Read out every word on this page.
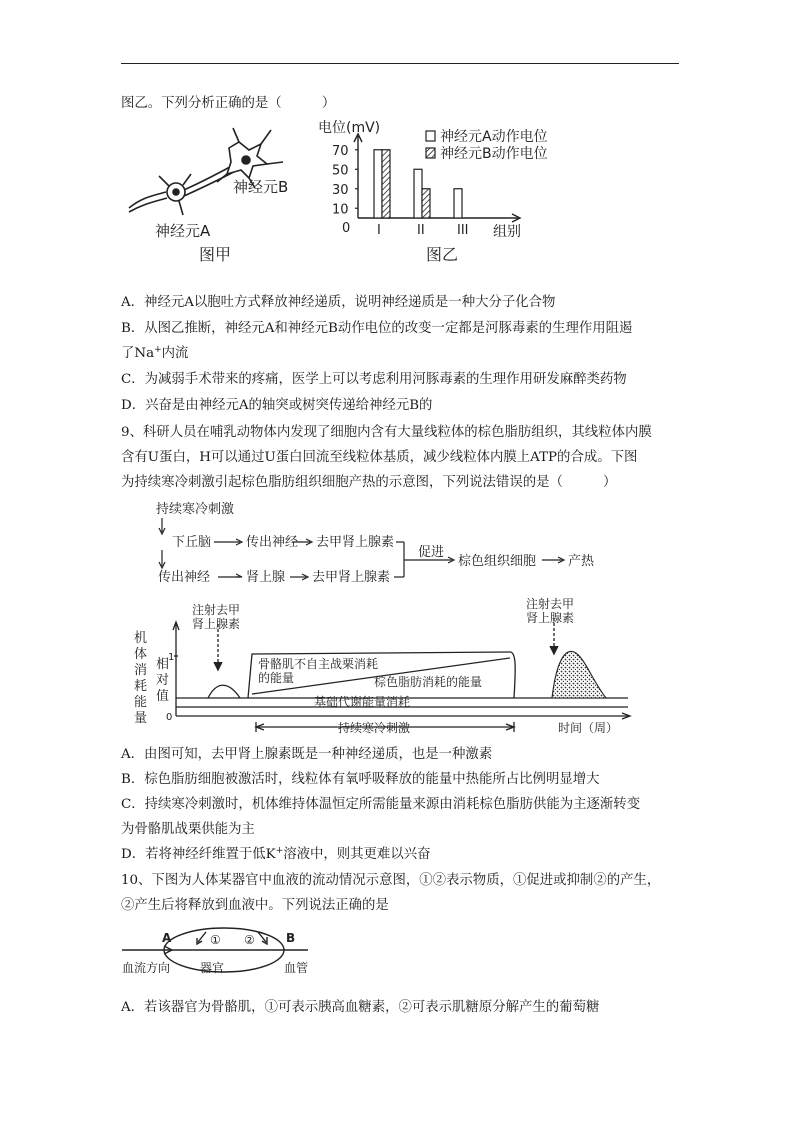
图乙。下列分析正确的是（　　　）
神经元A
神经元B
图甲
电位(mV)
0	组别
10
30
50
70
I	II III
神经元A动作电位
神经元B动作电位
图乙
A．神经元A以胞吐方式释放神经递质，说明神经递质是一种大分子化合物
B．从图乙推断，神经元A和神经元B动作电位的改变一定都是河豚毒素的生理作用阻遏
了Na+内流
C．为减弱手术带来的疼痛，医学上可以考虑利用河豚毒素的生理作用研发麻醉类药物
D．兴奋是由神经元A的轴突或树突传递给神经元B的
9、科研人员在哺乳动物体内发现了细胞内含有大量线粒体的棕色脂肪组织，其线粒体内膜
含有U蛋白，H可以通过U蛋白回流至线粒体基质，减少线粒体内膜上ATP的合成。下图
为持续寒冷刺激引起棕色脂肪组织细胞产热的示意图，下列说法错误的是（　　　）
持续寒冷刺激
下丘脑	传出神经 去甲肾上腺素
传出神经	肾上腺 去甲肾上腺素
促进
棕色组织细胞 产热
机
体
消
耗
能
量
相
对
值
1
0
注射去甲
肾上腺素
注射去甲
肾上腺素
骨骼肌不自主战栗消耗
的能量	棕色脂肪消耗的能量
基础代谢能量消耗
持续寒冷刺激	时间（周）
A．由图可知，去甲肾上腺素既是一种神经递质，也是一种激素
B．棕色脂肪细胞被激活时，线粒体有氧呼吸释放的能量中热能所占比例明显增大
C．持续寒冷刺激时，机体维持体温恒定所需能量来源由消耗棕色脂肪供能为主逐渐转变
为骨骼肌战栗供能为主
D．若将神经纤维置于低K+溶液中，则其更难以兴奋
10、下图为人体某器官中血液的流动情况示意图，①②表示物质，①促进或抑制②的产生，
②产生后将释放到血液中。下列说法正确的是
A	B
① ②
血流方向 器官	血管
A．若该器官为骨骼肌，①可表示胰高血糖素，②可表示肌糖原分解产生的葡萄糖
